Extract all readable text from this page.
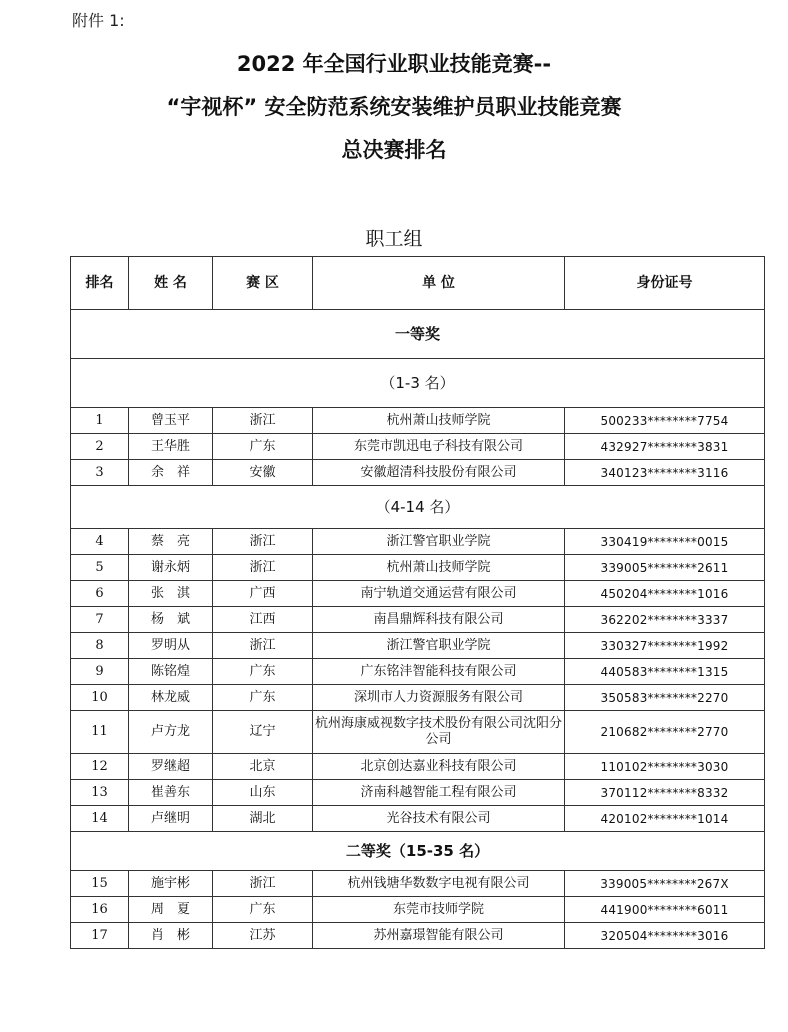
附件 1:
2022 年全国行业职业技能竞赛--
“宇视杯” 安全防范系统安装维护员职业技能竞赛
总决赛排名
职工组
排名	姓 名	赛 区	单 位	身份证号
一等奖				
（1-3 名）				
1	曾玉平	浙江	杭州萧山技师学院	500233********7754
2	王华胜	广东	东莞市凯迅电子科技有限公司	432927********3831
3	余　祥	安徽	安徽超清科技股份有限公司	340123********3116
（4-14 名）				
4	蔡　亮	浙江	浙江警官职业学院	330419********0015
5	谢永炳	浙江	杭州萧山技师学院	339005********2611
6	张　淇	广西	南宁轨道交通运营有限公司	450204********1016
7	杨　斌	江西	南昌鼎辉科技有限公司	362202********3337
8	罗明从	浙江	浙江警官职业学院	330327********1992
9	陈铭煌	广东	广东铭沣智能科技有限公司	440583********1315
10	林龙威	广东	深圳市人力资源服务有限公司	350583********2270
11	卢方龙	辽宁	杭州海康威视数字技术股份有限公司沈阳分公司	210682********2770
12	罗继超	北京	北京创达嘉业科技有限公司	110102********3030
13	崔善东	山东	济南科越智能工程有限公司	370112********8332
14	卢继明	湖北	光谷技术有限公司	420102********1014
二等奖（15-35 名）				
15	施宇彬	浙江	杭州钱塘华数数字电视有限公司	339005********267X
16	周　夏	广东	东莞市技师学院	441900********6011
17	肖　彬	江苏	苏州嘉璟智能有限公司	320504********3016
